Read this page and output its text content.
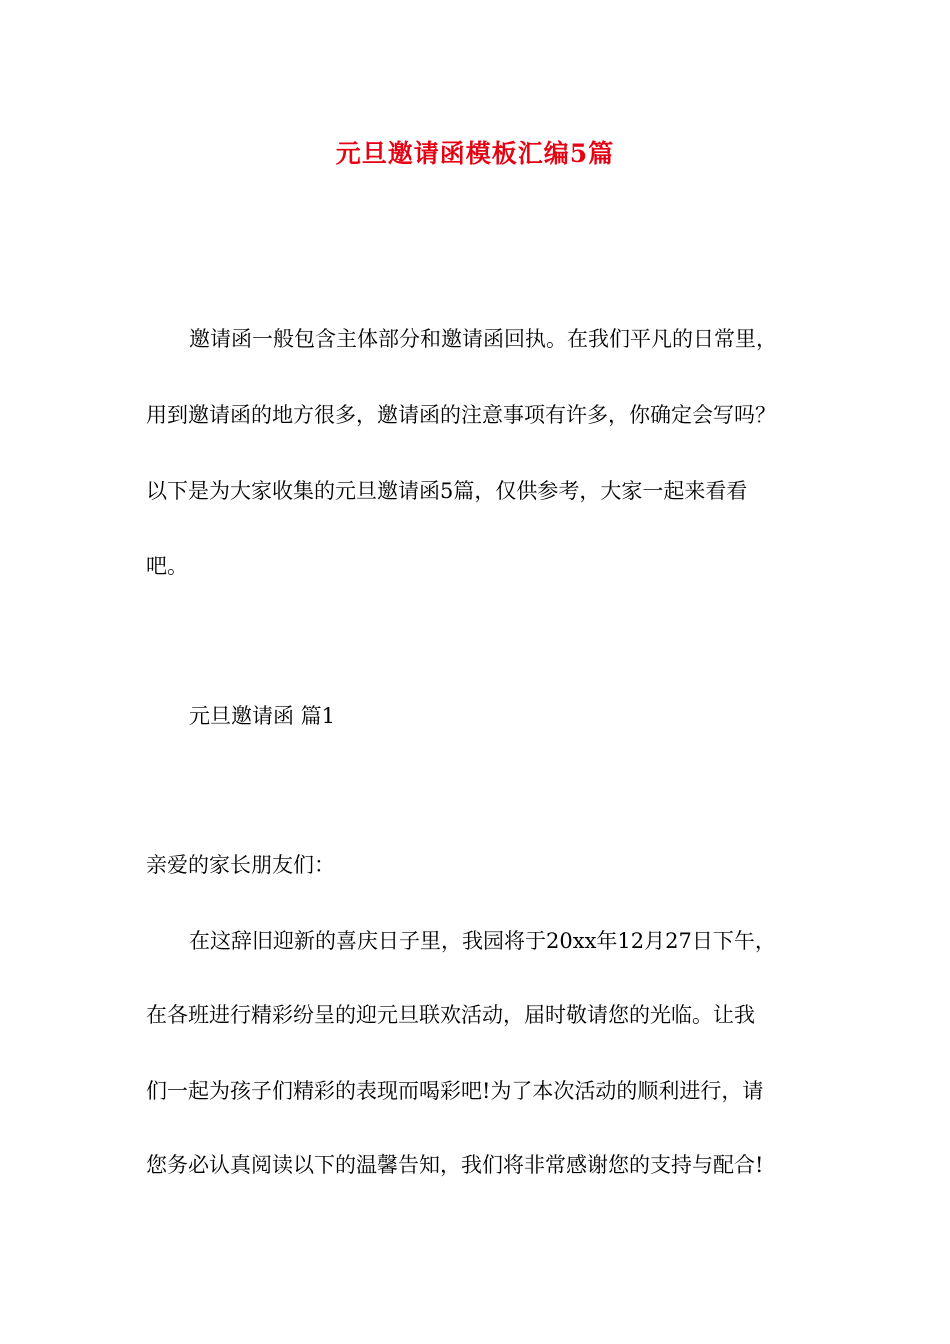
元旦邀请函模板汇编5篇
邀请函一般包含主体部分和邀请函回执。在我们平凡的日常里，
用到邀请函的地方很多，邀请函的注意事项有许多，你确定会写吗？
以下是为大家收集的元旦邀请函5篇，仅供参考，大家一起来看看
吧。
元旦邀请函 篇1
亲爱的家长朋友们：
在这辞旧迎新的喜庆日子里，我园将于20xx年12月27日下午，
在各班进行精彩纷呈的迎元旦联欢活动，届时敬请您的光临。让我
们一起为孩子们精彩的表现而喝彩吧!为了本次活动的顺利进行，请
您务必认真阅读以下的温馨告知，我们将非常感谢您的支持与配合!
